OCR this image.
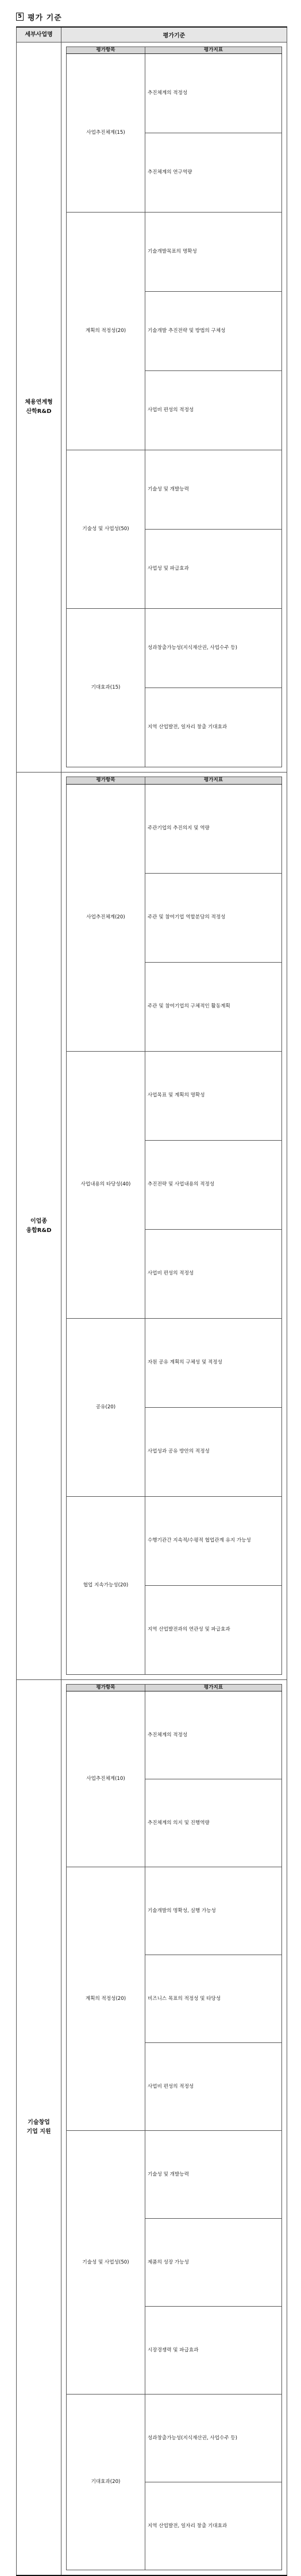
5 평가 기준
세부사업명	평가기준

체용연계형
산학R&D

평가항목	평가지표
사업추진체계(15)	추진체계의 적정성
추진체계의 연구역량
계획의 적정성(20)	기술개발목표의 명확성
기술개발 추진전략 및 방법의 구체성
사업비 편성의 적정성
기술성 및 사업성(50)	기술성 및 개발능력
사업성 및 파급효과
기대효과(15)	성과창출가능성(지식재산권, 사업수주 등)
지역 산업발전, 일자리 창출 기대효과

이업종
융합R&D

평가항목	평가지표
사업추진체계(20)	주관기업의 추진의지 및 역량
주관 및 참여기업 역할분담의 적정성
주관 및 참여기업의 구체적인 활동계획
사업내용의 타당성(40)	사업목표 및 계획의 명확성
추진전략 및 사업내용의 적정성
사업비 편성의 적정성
공유(20)	자원 공유 계획의 구체성 및 적정성
사업성과 공유 방안의 적정성
협업 지속가능성(20)	수행기관간 지속적/수평적 협업관계 유지 가능성
지역 산업발전과의 연관성 및 파급효과

기술창업
기업 지원

평가항목	평가지표
사업추진체계(10)	추진체계의 적정성
추진체계의 의지 및 진행역량
계획의 적정성(20)	기술개발의 명확성, 실행 가능성
비즈니스 목표의 적정성 및 타당성
사업비 편성의 적정성
기술성 및 사업성(50)	기술성 및 개발능력
제품의 성장 가능성
시장경쟁력 및 파급효과
기대효과(20)	성과창출가능성(지식재산권, 사업수주 등)
지역 산업발전, 일자리 창출 기대효과
